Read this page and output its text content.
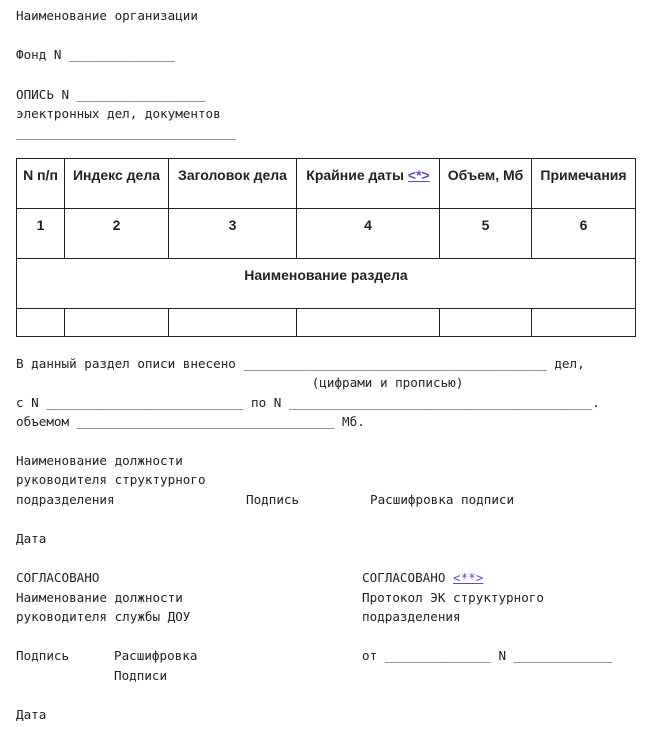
Наименование организации
Фонд N ______________
ОПИСЬ N _________________
электронных дел, документов
_____________________________
N п/п	Индекс дела	Заголовок дела	Крайние даты <*>	Объем, Мб	Примечания
1	2	3	4	5	6
Наименование раздела					

В данный раздел описи внесено ________________________________________ дел,
(цифрами и прописью)
с N __________________________ по N ________________________________________.
объемом __________________________________ Мб.
Наименование должности
руководителя структурного
подразделения	Подпись	Расшифровка подписи
Дата
СОГЛАСОВАНО
Наименование должности
руководителя службы ДОУ
Подпись	Расшифровка
Подписи
Дата
СОГЛАСОВАНО <**>
Протокол ЭК структурного
подразделения
от ______________ N _____________
